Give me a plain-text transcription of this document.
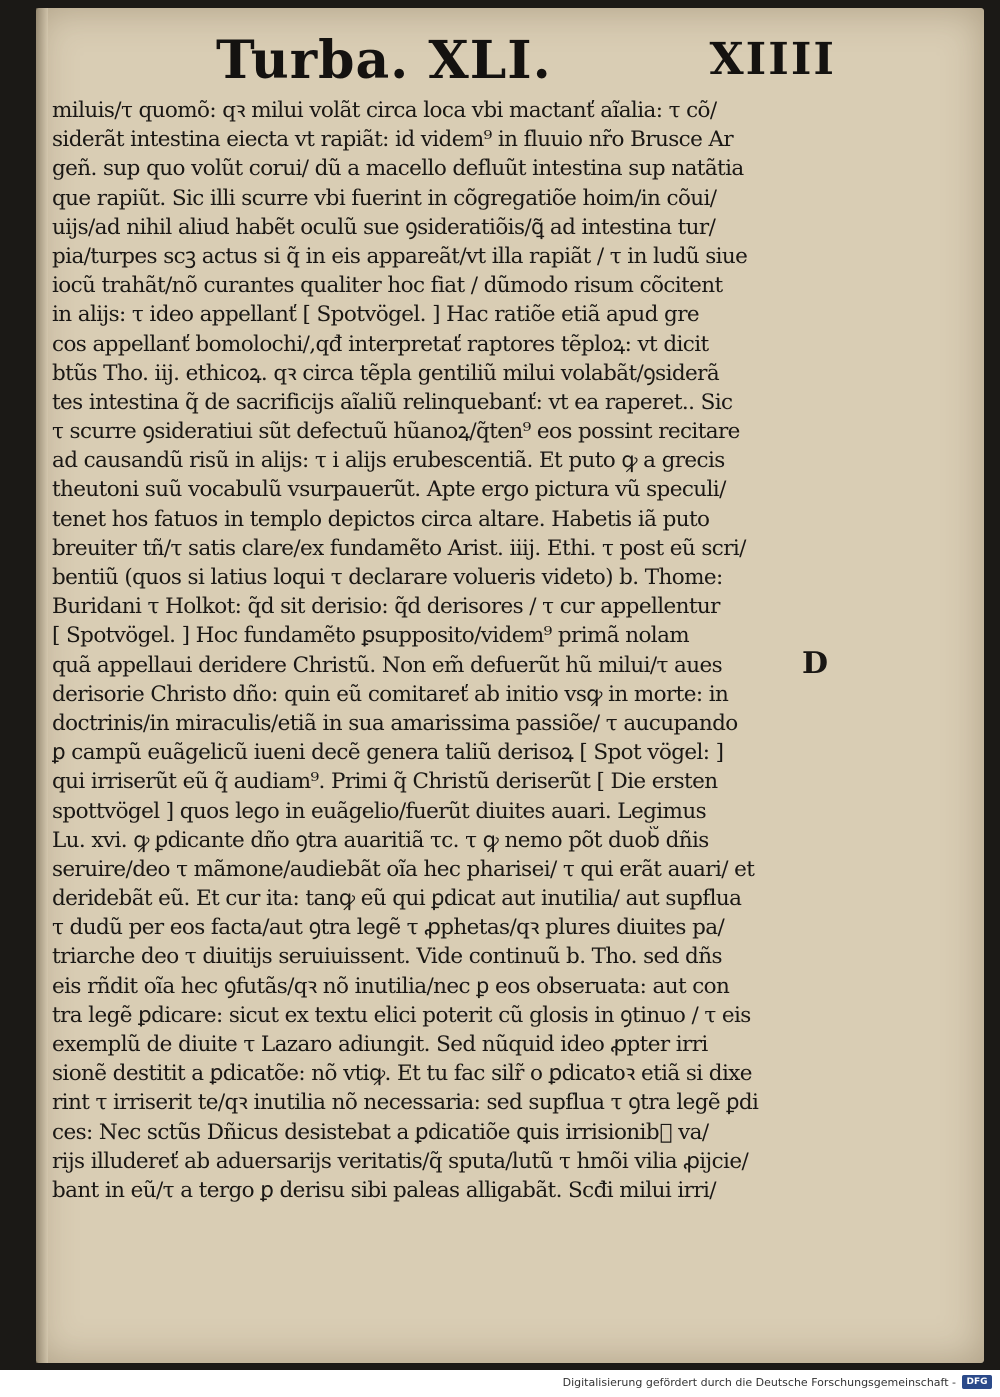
Turba. XLI.	XIIII
miluis/τ quomõ: qꝛ milui volãt circa loca vbi mactanť aĩalia: τ cõ/
siderãt intestina eiecta vt rapiãt: id videm⁹ in fluuio nr̃o Brusce Ar
geñ. sup quo volũt corui/ dũ a macello defluũt intestina sup natãtia
que rapiũt. Sic illi scurre vbi fuerint in cõgregatiõe hoim/in cõui/
uijs/ad nihil aliud habẽt oculũ sue ꝯsideratiõis/ꝗ̃ ad intestina tur/
pia/turpes scꝫ actus si q̃ in eis appareãt/vt illa rapiãt / τ in ludũ siue
iocũ trahãt/nõ curantes qualiter hoc fiat / dũmodo risum cõcitent
in alijs: τ ideo appellanť [ Spotvögel. ] Hac ratiõe etiã apud gre
cos appellanť bomolochi/,qđ interpretať raptores tẽploꝝ: vt dicit
btũs Tho. iij. ethicoꝝ. qꝛ circa tẽpla gentiliũ milui volabãt/ꝯsiderã
tes intestina q̃ de sacrificijs aĩaliũ relinquebanť: vt ea raperet.. Sic
τ scurre ꝯsideratiui sũt defectuũ hũanoꝝ/q̃ten⁹ eos possint recitare
ad causandũ risũ in alijs: τ i alijs erubescentiã. Et puto ꝙ a grecis
theutoni suũ vocabulũ vsurpauerũt. Apte ergo pictura vũ speculi/
tenet hos fatuos in templo depictos circa altare. Habetis iã puto
breuiter tñ/τ satis clare/ex fundamẽto Arist. iiij. Ethi. τ post eũ scri/
bentiũ (quos si latius loqui τ declarare volueris videto) b. Thome:
Buridani τ Holkot: q̃d sit derisio: q̃d derisores / τ cur appellentur
[ Spotvögel. ] Hoc fundamẽto ꝑsupposito/videm⁹ primã nolam
quã appellaui deridere Christũ. Non em̃ defuerũt hũ milui/τ aues
derisorie Christo dño: quin eũ comitareť ab initio vsꝙ in morte: in
doctrinis/in miraculis/etiã in sua amarissima passiõe/ τ aucupando
ꝑ campũ euãgelicũ iueni decẽ genera taliũ derisoꝝ [ Spot vögel: ]
qui irriserũt eũ q̃ audiam⁹. Primi q̃ Christũ deriserũt [ Die ersten
spottvögel ] quos lego in euãgelio/fuerũt diuites auari. Legimus
Lu. xvi. ꝙ ꝑdicante dño ꝯtra auaritiã τc. τ ꝙ nemo põt duob᷑ dñis
seruire/deo τ mãmone/audiebãt oĩa hec pharisei/ τ qui erãt auari/ et
deridebãt eũ. Et cur ita: tanꝙ eũ qui ꝑdicat aut inutilia/ aut supflua
τ dudũ per eos facta/aut ꝯtra legẽ τ ꝓphetas/qꝛ plures diuites pa/
triarche deo τ diuitijs seruiuissent. Vide continuũ b. Tho. sed dñs
eis rñdit oĩa hec ꝯfutãs/qꝛ nõ inutilia/nec ꝑ eos obseruata: aut con
tra legẽ ꝑdicare: sicut ex textu elici poterit cũ glosis in ꝯtinuo / τ eis
exemplũ de diuite τ Lazaro adiungit. Sed nũquid ideo ꝓpter irri
sionẽ destitit a ꝑdicatõe: nõ vtiꝙ. Et tu fac silr̃ o ꝑdicatoꝛ etiã si dixe
rint τ irriserit te/qꝛ inutilia nõ necessaria: sed supflua τ ꝯtra legẽ ꝑdi
ces: Nec sctũs Dñicus desistebat a ꝑdicatiõe ꝗuis irrisionib᷑ va/
rijs illudereť ab aduersarijs veritatis/q̃ sputa/lutũ τ hmõi vilia ꝓijcie/
bant in eũ/τ a tergo ꝑ derisu sibi paleas alligabãt. Scđi milui irri/
D
Digitalisierung gefördert durch die Deutsche Forschungsgemeinschaft -	DFG
